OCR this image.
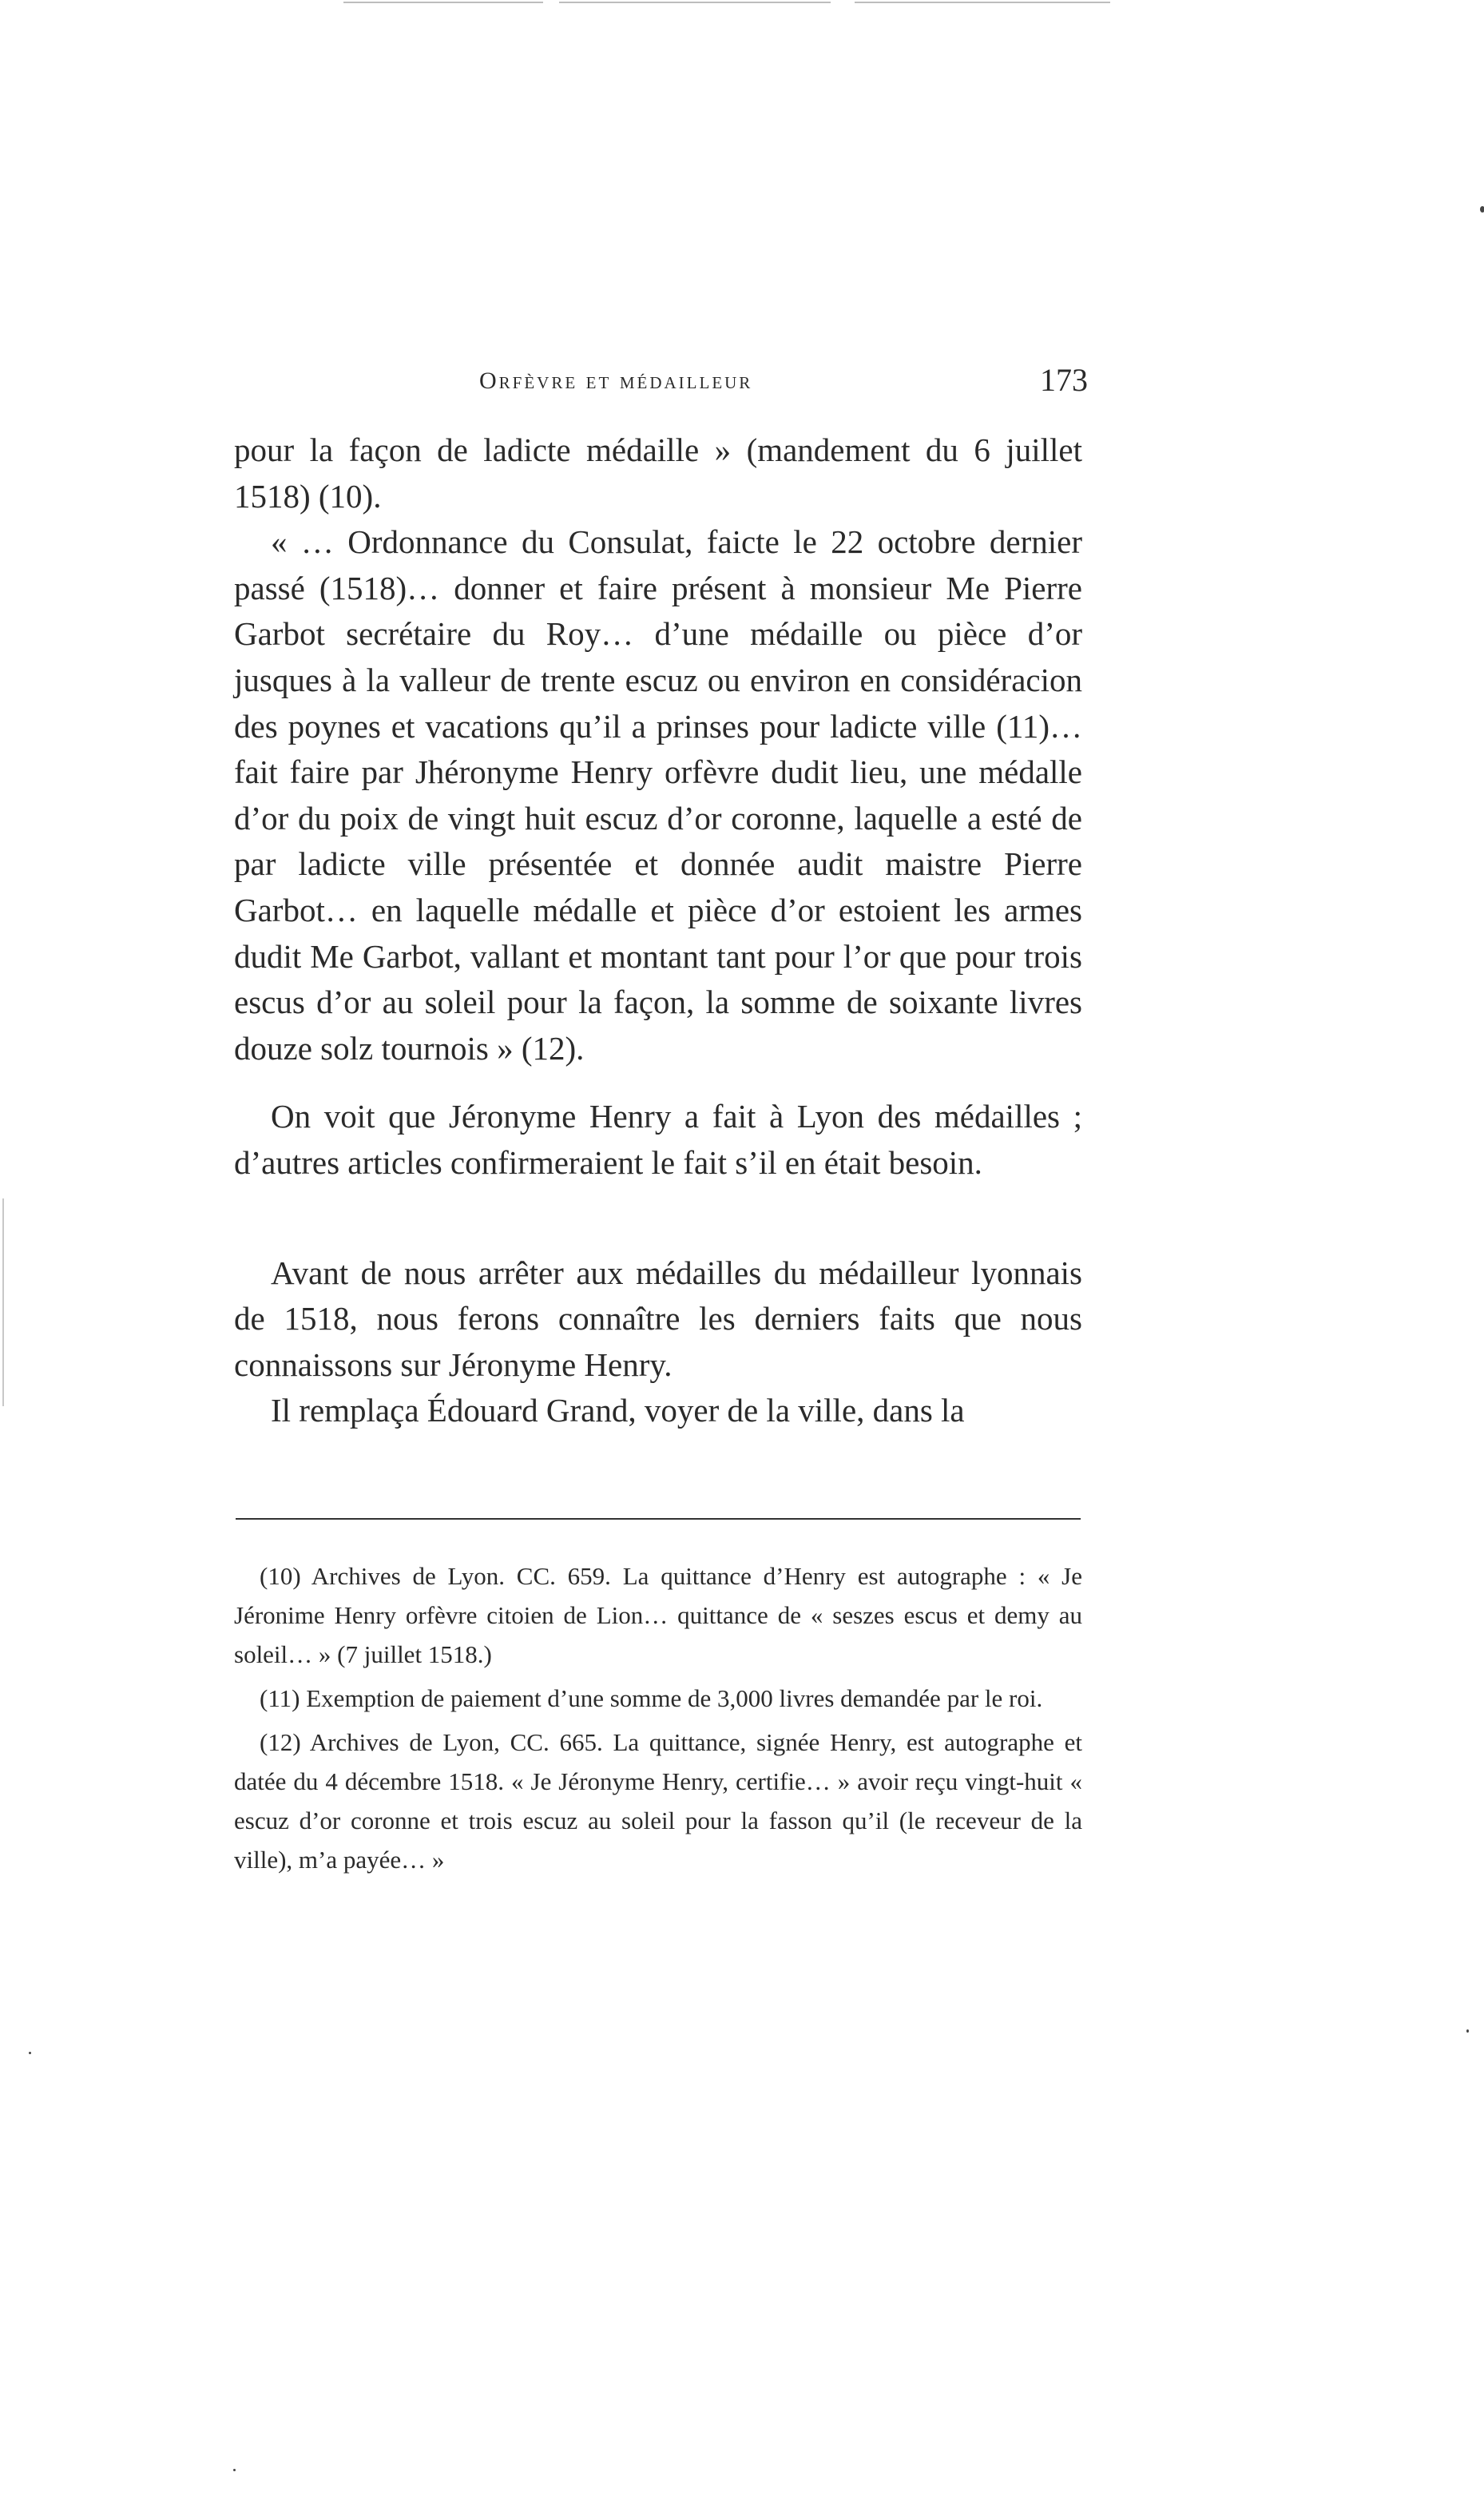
Orfèvre et médailleur	173

pour la façon de ladicte médaille » (mandement du 6 juillet 1518) (10).

« … Ordonnance du Consulat, faicte le 22 octobre dernier passé (1518)… donner et faire présent à monsieur Me Pierre Garbot secrétaire du Roy… d’une médaille ou pièce d’or jusques à la valleur de trente escuz ou environ en considéracion des poynes et vacations qu’il a prinses pour ladicte ville (11)… fait faire par Jhéronyme Henry orfèvre dudit lieu, une médalle d’or du poix de vingt huit escuz d’or coronne, laquelle a esté de par ladicte ville présentée et donnée audit maistre Pierre Garbot… en laquelle médalle et pièce d’or estoient les armes dudit Me Garbot, vallant et montant tant pour l’or que pour trois escus d’or au soleil pour la façon, la somme de soixante livres douze solz tournois » (12).

On voit que Jéronyme Henry a fait à Lyon des médailles ; d’autres articles confirmeraient le fait s’il en était besoin.

Avant de nous arrêter aux médailles du médailleur lyonnais de 1518, nous ferons connaître les derniers faits que nous connaissons sur Jéronyme Henry.

Il remplaça Édouard Grand, voyer de la ville, dans la

(10) Archives de Lyon. CC. 659. La quittance d’Henry est autographe : « Je Jéronime Henry orfèvre citoien de Lion… quittance de « seszes escus et demy au soleil… » (7 juillet 1518.)

(11) Exemption de paiement d’une somme de 3,000 livres demandée par le roi.

(12) Archives de Lyon, CC. 665. La quittance, signée Henry, est autographe et datée du 4 décembre 1518. « Je Jéronyme Henry, certifie… » avoir reçu vingt-huit « escuz d’or coronne et trois escuz au soleil pour la fasson qu’il (le receveur de la ville), m’a payée… »
